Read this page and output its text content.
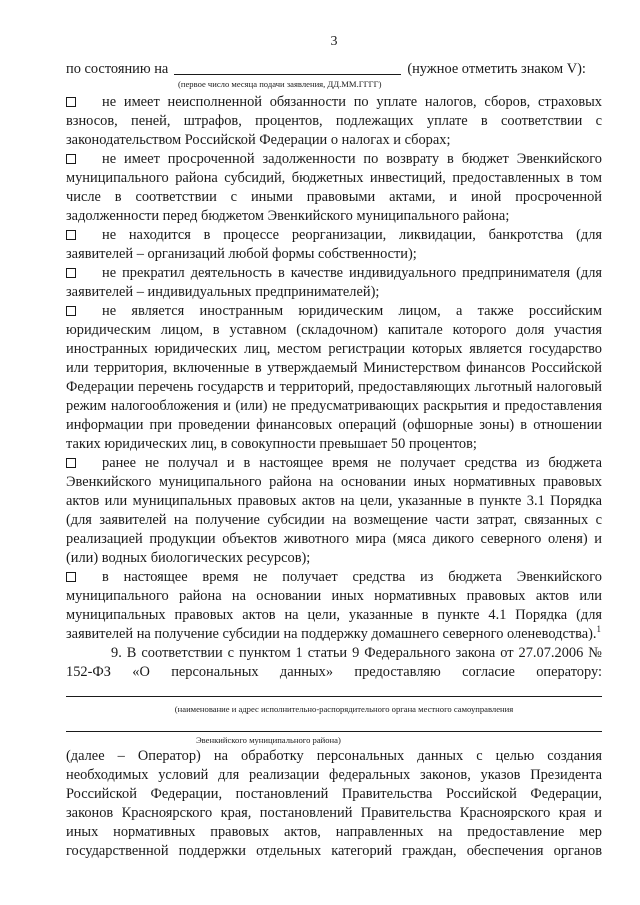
3
по состоянию на	(нужное отметить знаком V):
(первое число месяца подачи заявления, ДД.ММ.ГГГГ)

не имеет неисполненной обязанности по уплате налогов, сборов, страховых взносов, пеней, штрафов, процентов, подлежащих уплате в соответствии с законодательством Российской Федерации о налогах и сборах;

не имеет просроченной задолженности по возврату в бюджет Эвенкийского муниципального района субсидий, бюджетных инвестиций, предоставленных в том числе в соответствии с иными правовыми актами, и иной просроченной задолженности перед бюджетом Эвенкийского муниципального района;

не находится в процессе реорганизации, ликвидации, банкротства (для заявителей – организаций любой формы собственности);

не прекратил деятельность в качестве индивидуального предпринимателя (для заявителей – индивидуальных предпринимателей);

не является иностранным юридическим лицом, а также российским юридическим лицом, в уставном (складочном) капитале которого доля участия иностранных юридических лиц, местом регистрации которых является государство или территория, включенные в утверждаемый Министерством финансов Российской Федерации перечень государств и территорий, предоставляющих льготный налоговый режим налогообложения и (или) не предусматривающих раскрытия и предоставления информации при проведении финансовых операций (офшорные зоны) в отношении таких юридических лиц, в совокупности превышает 50 процентов;

ранее не получал и в настоящее время не получает средства из бюджета Эвенкийского муниципального района на основании иных нормативных правовых актов или муниципальных правовых актов на цели, указанные в пункте 3.1 Порядка (для заявителей на получение субсидии на возмещение части затрат, связанных с реализацией продукции объектов животного мира (мяса дикого северного оленя) и (или) водных биологических ресурсов);

в настоящее время не получает средства из бюджета Эвенкийского муниципального района на основании иных нормативных правовых актов или муниципальных правовых актов на цели, указанные в пункте 4.1 Порядка (для заявителей на получение субсидии на поддержку домашнего северного оленеводства).$^1$

9. В соответствии с пунктом 1 статьи 9 Федерального закона от 27.07.2006 № 152-ФЗ «О персональных данных» предоставляю согласие оператору:

(наименование и адрес исполнительно-распорядительного органа местного самоуправления
Эвенкийского муниципального района)

(далее – Оператор) на обработку персональных данных с целью создания необходимых условий для реализации федеральных законов, указов Президента Российской Федерации, постановлений Правительства Российской Федерации, законов Красноярского края, постановлений Правительства Красноярского края и иных нормативных правовых актов, направленных на предоставление мер государственной поддержки отдельных категорий граждан, обеспечения органов
